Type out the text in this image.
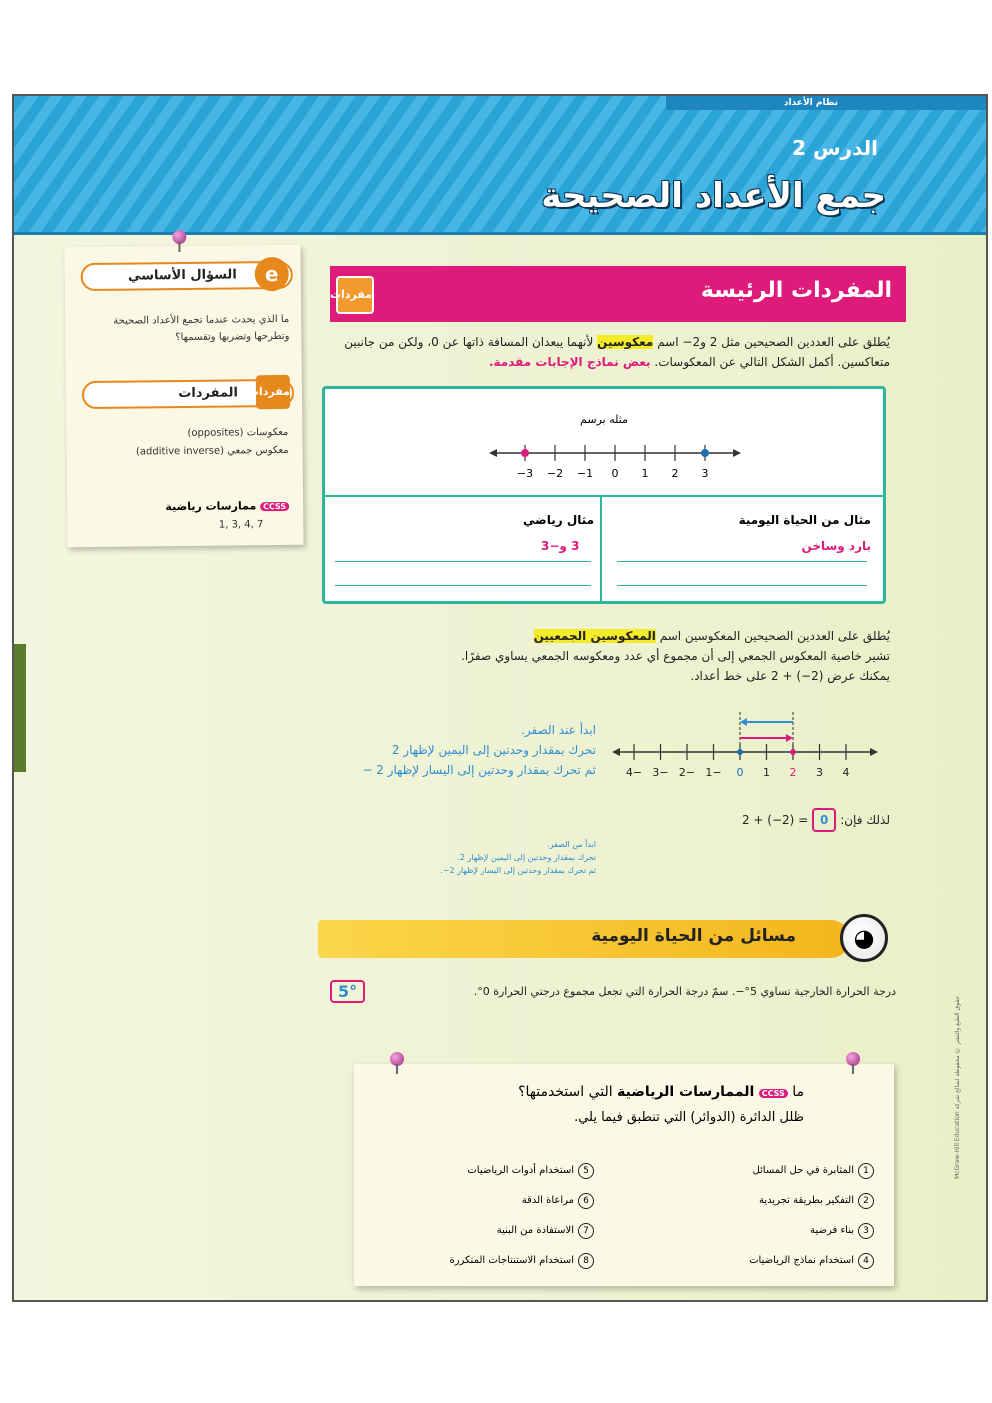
نظام الأعداد
الدرس 2
جمع الأعداد الصحيحة
e
السؤال الأساسي
ما الذي يحدث عندما تجمع الأعداد الصحيحة وتطرحها وتضربها وتقسمها؟
مفردات
المفردات
معكوسات (opposites)
معكوس جمعي (additive inverse)
CCSS ممارسات رياضية
1, 3, 4, 7
المفردات الرئيسة
مفردات
يُطلق على العددين الصحيحين مثل 2 و2− اسم معكوسين لأنهما يبعدان المسافة ذاتها عن 0، ولكن من جانبين متعاكسين. أكمل الشكل التالي عن المعكوسات. بعض نماذج الإجابات مقدمة.
مثله برسم
−3 −2 −1 0 1 2 3
مثال من الحياة اليومية
بارد وساخن
مثال رياضي
3 و−3
يُطلق على العددين الصحيحين المعكوسين اسم المعكوسين الجمعيين
تشير خاصية المعكوس الجمعي إلى أن مجموع أي عدد ومعكوسه الجمعي يساوي صفرًا.
يمكنك عرض (2−) + 2 على خط أعداد.
−4 −3 −2 −1 0 1 2 3 4
ابدأ عند الصفر.
تحرك بمقدار وحدتين إلى اليمين لإظهار 2
ثم تحرك بمقدار وحدتين إلى اليسار لإظهار 2 −
ابدأ من الصفر.
تحرك بمقدار وحدتين إلى اليمين لإظهار 2.
ثم تحرك بمقدار وحدتين إلى اليسار لإظهار 2−.
لذلك فإن: 0 2 + (−2) =
مسائل من الحياة اليومية	◕
درجة الحرارة الخارجية تساوي 5°−. سمّ درجة الحرارة التي تجعل مجموع درجتي الحرارة 0°.
5°
حقوق الطبع والنشر © محفوظة لصالح شركة McGraw-Hill Education
ما CCSS الممارسات الرياضية التي استخدمتها؟
ظلل الدائرة (الدوائر) التي تنطبق فيما يلي.
1المثابرة في حل المسائل
2التفكير بطريقة تجريدية
3بناء فرضية
4استخدام نماذج الرياضيات
5استخدام أدوات الرياضيات
6مراعاة الدقة
7الاستفادة من البنية
8استخدام الاستنتاجات المتكررة
